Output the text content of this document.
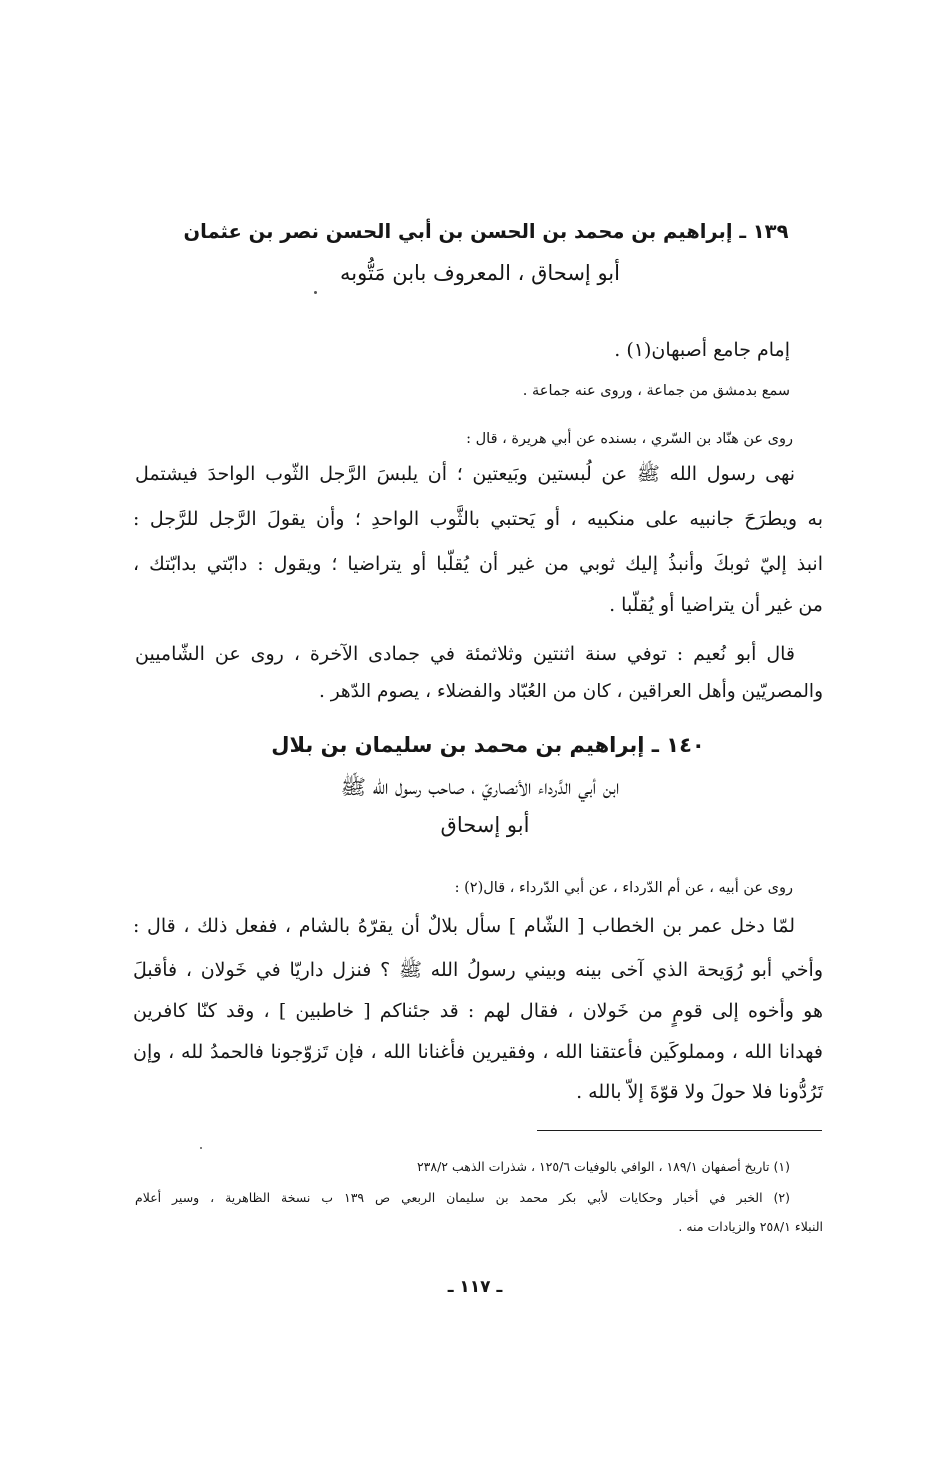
١٣٩ ـ إبراهيم بن محمد بن الحسن بن أبي الحسن نصر بن عثمان
أبو إسحاق ، المعروف بابن مَتُّوبه
إمام جامع أصبهان(١) .
سمع بدمشق من جماعة ، وروى عنه جماعة .
روى عن هنّاد بن السّري ، بسنده عن أبي هريرة ، قال :
نهى رسول الله ﷺ عن لُبستين وبَيعتين ؛ أن يلبسَ الرَّجل الثّوب الواحدَ فيشتمل
به ويطرَحَ جانبيه على منكبيه ، أو يَحتبي بالثَّوب الواحدِ ؛ وأن يقولَ الرَّجل للرَّجل :
انبذ إليّ ثوبكَ وأنبذُ إليك ثوبي من غير أن يُقلّبا أو يتراضيا ؛ ويقول : دابّتي بدابّتك ،
من غير أن يتراضيا أو يُقلّبا .
قال أبو نُعيم : توفي سنة اثنتين وثلاثمئة في جمادى الآخرة ، روى عن الشّاميين
والمصريّين وأهل العراقين ، كان من العُبّاد والفضلاء ، يصوم الدّهر .
١٤٠ ـ إبراهيم بن محمد بن سليمان بن بلال
ابن أبي الدَّرداء الأنصاريّ ، صاحب رسول الله ﷺ
أبو إسحاق
روى عن أبيه ، عن أم الدّرداء ، عن أبي الدّرداء ، قال(٢) :
لمّا دخل عمر بن الخطاب [ الشّام ] سأل بلالٌ أن يقرّهُ بالشام ، ففعل ذلك ، قال :
وأخي أبو رُوَيحة الذي آخى بينه وبيني رسولُ الله ﷺ ؟ فنزل داريّا في خَولان ، فأقبلَ
هو وأخوه إلى قومٍ من خَولان ، فقال لهم : قد جئناكم [ خاطبين ] ، وقد كنّا كافرين
فهدانا الله ، ومملوكَين فأعتقنا الله ، وفقيرين فأغنانا الله ، فإن تَزوّجونا فالحمدُ لله ، وإن
تَرُدُّونا فلا حولَ ولا قوّةَ إلاّ بالله .
(١) تاريخ أصفهان ١٨٩/١ ، الوافي بالوفيات ١٢٥/٦ ، شذرات الذهب ٢٣٨/٢
(٢) الخبر في أخبار وحكايات لأبي بكر محمد بن سليمان الربعي ص ١٣٩ ب نسخة الظاهرية ، وسير أعلام
النبلاء ٢٥٨/١ والزيادات منه .
ـ ١١٧ ـ
